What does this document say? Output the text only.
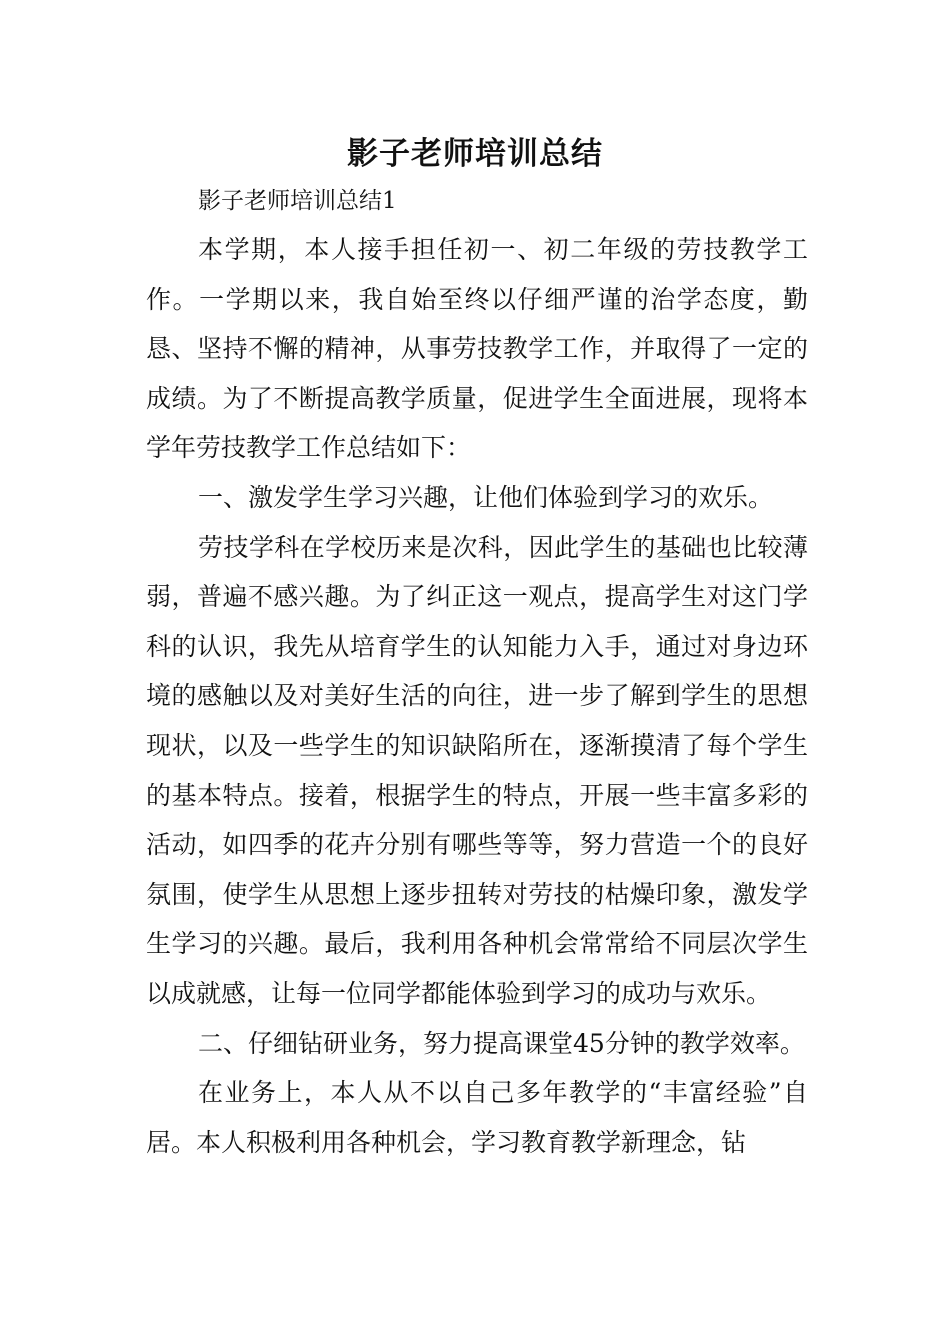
影子老师培训总结

影子老师培训总结1

本学期，本人接手担任初一、初二年级的劳技教学工作。一学期以来，我自始至终以仔细严谨的治学态度，勤恳、坚持不懈的精神，从事劳技教学工作，并取得了一定的成绩。为了不断提高教学质量，促进学生全面进展，现将本学年劳技教学工作总结如下：

一、激发学生学习兴趣，让他们体验到学习的欢乐。

劳技学科在学校历来是次科，因此学生的基础也比较薄弱，普遍不感兴趣。为了纠正这一观点，提高学生对这门学科的认识，我先从培育学生的认知能力入手，通过对身边环境的感触以及对美好生活的向往，进一步了解到学生的思想现状，以及一些学生的知识缺陷所在，逐渐摸清了每个学生的基本特点。接着，根据学生的特点，开展一些丰富多彩的活动，如四季的花卉分别有哪些等等，努力营造一个的良好氛围，使学生从思想上逐步扭转对劳技的枯燥印象，激发学生学习的兴趣。最后，我利用各种机会常常给不同层次学生以成就感，让每一位同学都能体验到学习的成功与欢乐。

二、仔细钻研业务，努力提高课堂45分钟的教学效率。

在业务上，本人从不以自己多年教学的“丰富经验”自居。本人积极利用各种机会，学习教育教学新理念，钻
